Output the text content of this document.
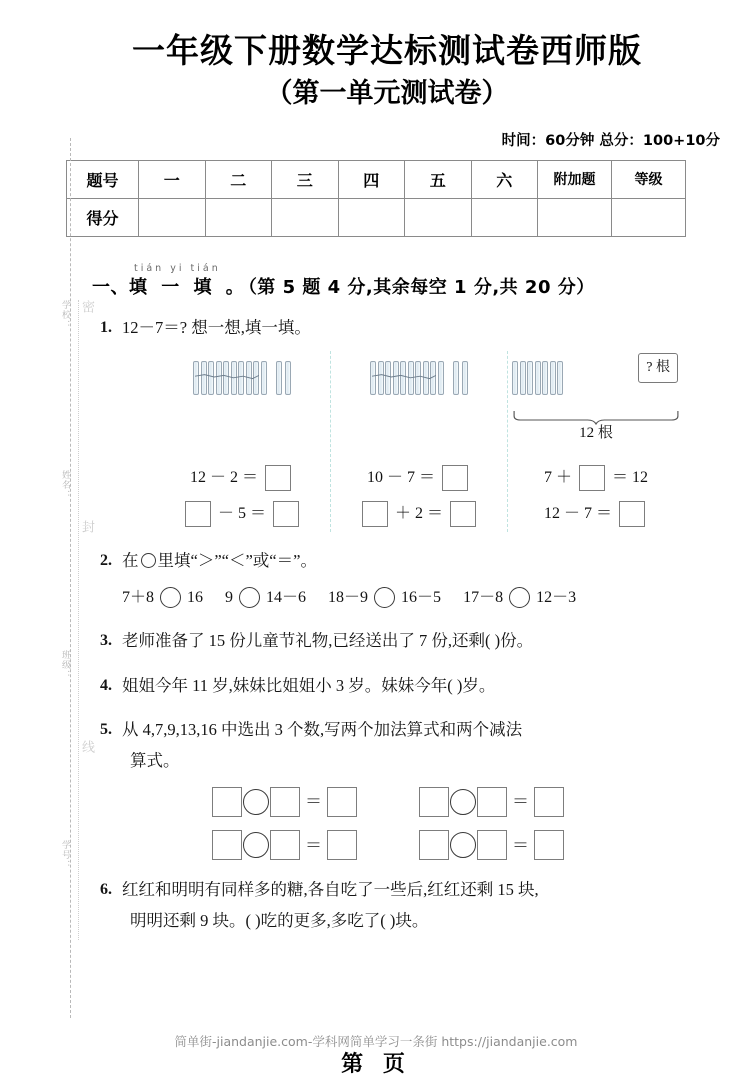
一年级下册数学达标测试卷西师版
（第一单元测试卷）
时间：60分钟 总分：100+10分
题号	一	二	三	四	五	六	附加题	等级
得分								
学校：
姓名：
班级：
学号：
密
封
线
tián yi tián
一、填 一 填 。（第 5 题 4 分,其余每空 1 分,共 20 分）
1. 12－7＝? 想一想,填一填。
? 根
12 根
12 － 2 ＝
－ 5 ＝
10 － 7 ＝
＋ 2 ＝
7 ＋	＝ 12
12 － 7 ＝
2. 在 里填“＞”“＜”或“＝”。
7＋8 16 9 14－6 18－9 16－5 17－8 12－3
3. 老师准备了 15 份儿童节礼物,已经送出了 7 份,还剩( )份。
4. 姐姐今年 11 岁,妹妹比姐姐小 3 岁。妹妹今年( )岁。
5. 从 4,7,9,13,16 中选出 3 个数,写两个加法算式和两个减法
算式。
＝	＝
＝	＝
6. 红红和明明有同样多的糖,各自吃了一些后,红红还剩 15 块,
明明还剩 9 块。( )吃的更多,多吃了( )块。
简单街-jiandanjie.com-学科网简单学习一条街 https://jiandanjie.com
第 页
